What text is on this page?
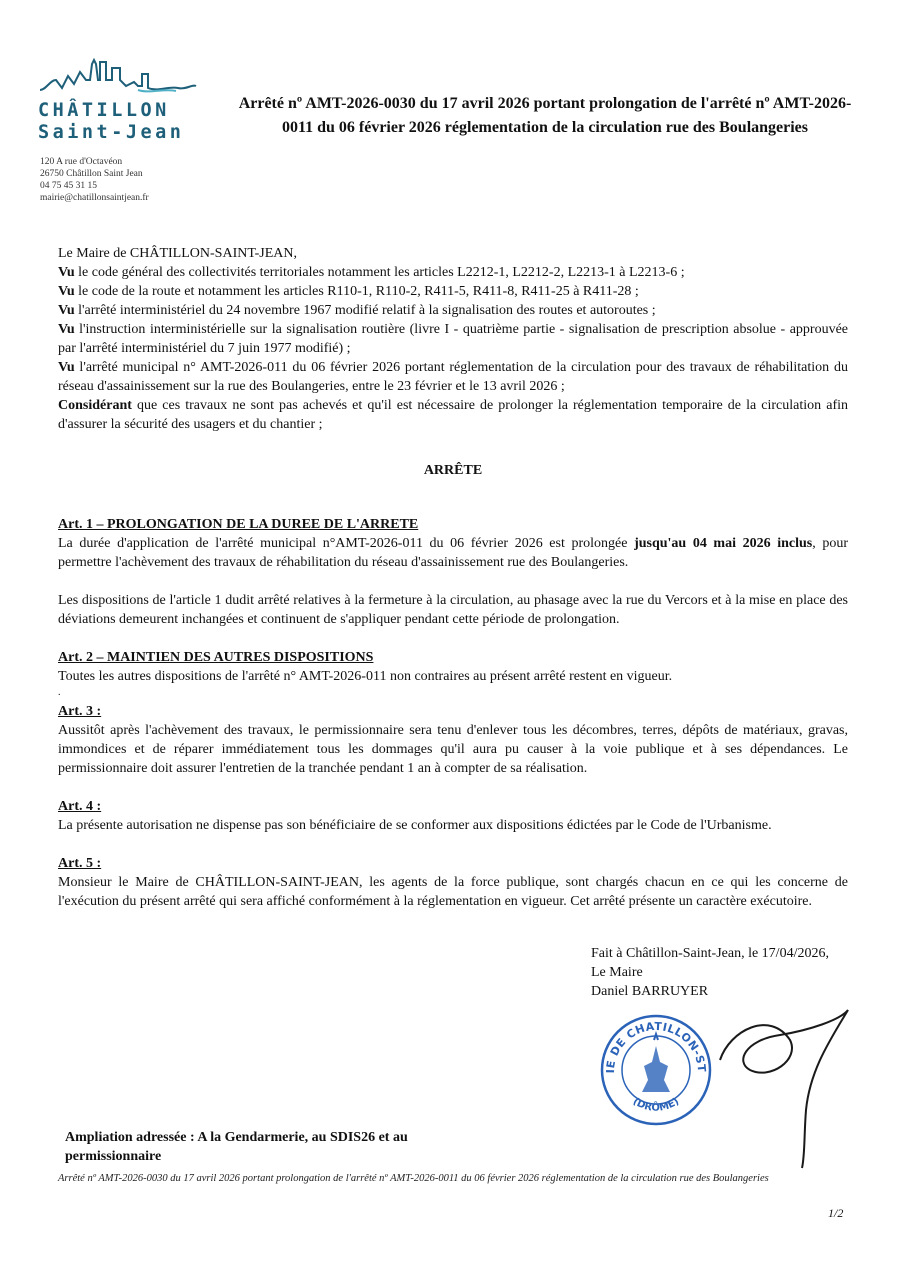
CHÂTILLON
Saint-Jean
120 A rue d'Octavéon
26750 Châtillon Saint Jean
04 75 45 31 15
mairie@chatillonsaintjean.fr
Arrêté nº AMT-2026-0030 du 17 avril 2026 portant prolongation de l'arrêté nº AMT-2026-0011 du 06 février 2026 réglementation de la circulation rue des Boulangeries

Le Maire de CHÂTILLON-SAINT-JEAN,

Vu le code général des collectivités territoriales notamment les articles L2212-1, L2212-2, L2213-1 à L2213-6 ;

Vu le code de la route et notamment les articles R110-1, R110-2, R411-5, R411-8, R411-25 à R411-28 ;

Vu l'arrêté interministériel du 24 novembre 1967 modifié relatif à la signalisation des routes et autoroutes ;

Vu l'instruction interministérielle sur la signalisation routière (livre I - quatrième partie - signalisation de prescription absolue - approuvée par l'arrêté interministériel du 7 juin 1977 modifié) ;

Vu l'arrêté municipal n° AMT-2026-011 du 06 février 2026 portant réglementation de la circulation pour des travaux de réhabilitation du réseau d'assainissement sur la rue des Boulangeries, entre le 23 février et le 13 avril 2026 ;

Considérant que ces travaux ne sont pas achevés et qu'il est nécessaire de prolonger la réglementation temporaire de la circulation afin d'assurer la sécurité des usagers et du chantier ;

ARRÊTE

Art. 1 – PROLONGATION DE LA DUREE DE L'ARRETE

La durée d'application de l'arrêté municipal n°AMT-2026-011 du 06 février 2026 est prolongée jusqu'au 04 mai 2026 inclus, pour permettre l'achèvement des travaux de réhabilitation du réseau d'assainissement rue des Boulangeries.

Les dispositions de l'article 1 dudit arrêté relatives à la fermeture à la circulation, au phasage avec la rue du Vercors et à la mise en place des déviations demeurent inchangées et continuent de s'appliquer pendant cette période de prolongation.

Art. 2 – MAINTIEN DES AUTRES DISPOSITIONS

Toutes les autres dispositions de l'arrêté n° AMT-2026-011 non contraires au présent arrêté restent en vigueur.

.

Art. 3 :

Aussitôt après l'achèvement des travaux, le permissionnaire sera tenu d'enlever tous les décombres, terres, dépôts de matériaux, gravas, immondices et de réparer immédiatement tous les dommages qu'il aura pu causer à la voie publique et à ses dépendances. Le permissionnaire doit assurer l'entretien de la tranchée pendant 1 an à compter de sa réalisation.

Art. 4 :

La présente autorisation ne dispense pas son bénéficiaire de se conformer aux dispositions édictées par le Code de l'Urbanisme.

Art. 5 :

Monsieur le Maire de CHÂTILLON-SAINT-JEAN, les agents de la force publique, sont chargés chacun en ce qui les concerne de l'exécution du présent arrêté qui sera affiché conformément à la réglementation en vigueur. Cet arrêté présente un caractère exécutoire.

Fait à Châtillon-Saint-Jean, le 17/04/2026,
Le Maire
Daniel BARRUYER
IE DE CHATILLON-ST
(DRÔME)
Ampliation adressée : A la Gendarmerie, au SDIS26 et au permissionnaire
Arrêté nº AMT-2026-0030 du 17 avril 2026 portant prolongation de l'arrêté nº AMT-2026-0011 du 06 février 2026 réglementation de la circulation rue des Boulangeries
1/2
